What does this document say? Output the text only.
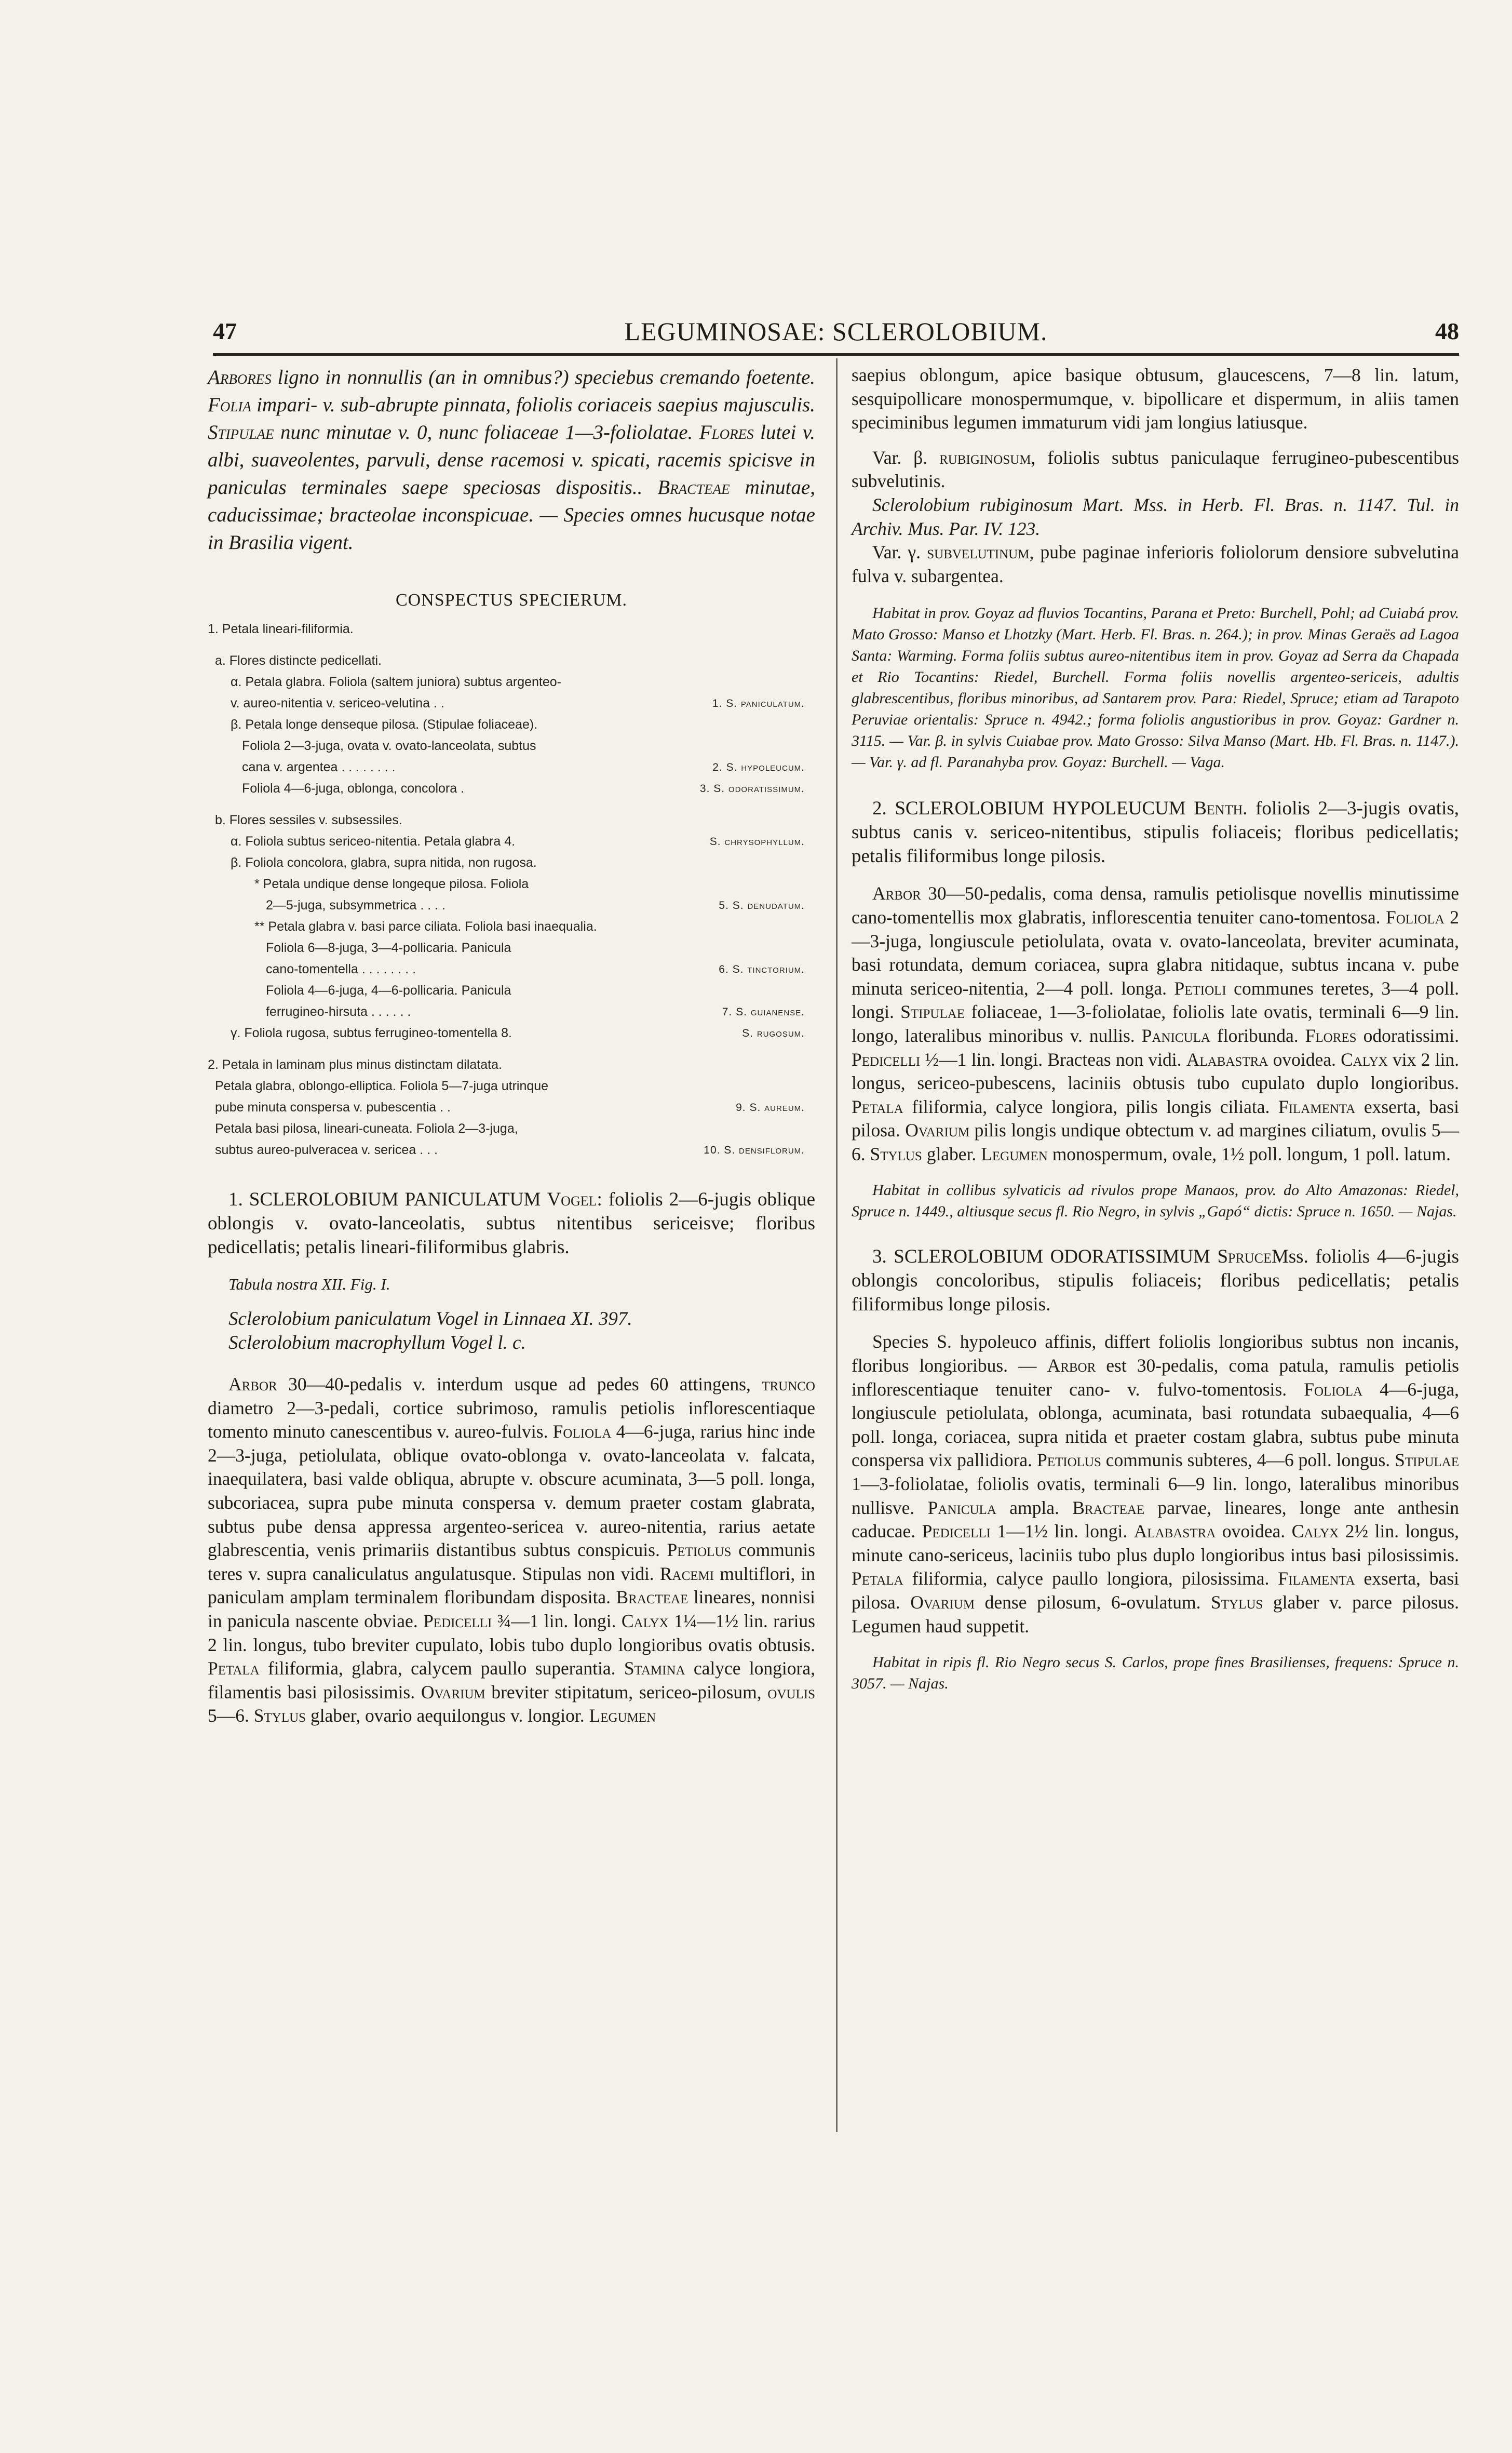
47	LEGUMINOSAE: SCLEROLOBIUM.	48

Arbores ligno in nonnullis (an in omnibus?) speciebus cremando foetente. Folia impari- v. sub-abrupte pinnata, foliolis coriaceis saepius majusculis. Stipulae nunc minutae v. 0, nunc foliaceae 1—3-foliolatae. Flores lutei v. albi, suaveolentes, parvuli, dense racemosi v. spicati, racemis spicisve in paniculas terminales saepe speciosas dispositis.. Bracteae minutae, caducissimae; bracteolae inconspicuae. — Species omnes hucusque notae in Brasilia vigent.

CONSPECTUS SPECIERUM.
1. Petala lineari-filiformia.
a. Flores distincte pedicellati.
α. Petala glabra. Foliola (saltem juniora) subtus argenteo-
v. aureo-nitentia v. sericeo-velutina . .	1. S. paniculatum.
β. Petala longe denseque pilosa. (Stipulae foliaceae).
Foliola 2—3-juga, ovata v. ovato-lanceolata, subtus
cana v. argentea . . . . . . . .	2. S. hypoleucum.
Foliola 4—6-juga, oblonga, concolora .	3. S. odoratissimum.
b. Flores sessiles v. subsessiles.
α. Foliola subtus sericeo-nitentia. Petala glabra 4.	S. chrysophyllum.
β. Foliola concolora, glabra, supra nitida, non rugosa.
* Petala undique dense longeque pilosa. Foliola
2—5-juga, subsymmetrica . . . .	5. S. denudatum.
** Petala glabra v. basi parce ciliata. Foliola basi inaequalia.
Foliola 6—8-juga, 3—4-pollicaria. Panicula
cano-tomentella . . . . . . . .	6. S. tinctorium.
Foliola 4—6-juga, 4—6-pollicaria. Panicula
ferrugineo-hirsuta . . . . . .	7. S. guianense.
γ. Foliola rugosa, subtus ferrugineo-tomentella 8.	S. rugosum.
2. Petala in laminam plus minus distinctam dilatata.
Petala glabra, oblongo-elliptica. Foliola 5—7-juga utrinque
pube minuta conspersa v. pubescentia . .	9. S. aureum.
Petala basi pilosa, lineari-cuneata. Foliola 2—3-juga,
subtus aureo-pulveracea v. sericea . . .	10. S. densiflorum.

1. SCLEROLOBIUM PANICULATUM Vogel: foliolis 2—6-jugis oblique oblongis v. ovato-lanceolatis, subtus nitentibus sericeisve; floribus pedicellatis; petalis lineari-filiformibus glabris.

Tabula nostra XII. Fig. I.

Sclerolobium paniculatum Vogel in Linnaea XI. 397.

Sclerolobium macrophyllum Vogel l. c.

Arbor 30—40-pedalis v. interdum usque ad pedes 60 attingens, trunco diametro 2—3-pedali, cortice subrimoso, ramulis petiolis inflorescentiaque tomento minuto canescentibus v. aureo-fulvis. Foliola 4—6-juga, rarius hinc inde 2—3-juga, petiolulata, oblique ovato-oblonga v. ovato-lanceolata v. falcata, inaequilatera, basi valde obliqua, abrupte v. obscure acuminata, 3—5 poll. longa, subcoriacea, supra pube minuta conspersa v. demum praeter costam glabrata, subtus pube densa appressa argenteo-sericea v. aureo-nitentia, rarius aetate glabrescentia, venis primariis distantibus subtus conspicuis. Petiolus communis teres v. supra canaliculatus angulatusque. Stipulas non vidi. Racemi multiflori, in paniculam amplam terminalem floribundam disposita. Bracteae lineares, nonnisi in panicula nascente obviae. Pedicelli ¾—1 lin. longi. Calyx 1¼—1½ lin. rarius 2 lin. longus, tubo breviter cupulato, lobis tubo duplo longioribus ovatis obtusis. Petala filiformia, glabra, calycem paullo superantia. Stamina calyce longiora, filamentis basi pilosissimis. Ovarium breviter stipitatum, sericeo-pilosum, ovulis 5—6. Stylus glaber, ovario aequilongus v. longior. Legumen

saepius oblongum, apice basique obtusum, glaucescens, 7—8 lin. latum, sesquipollicare monospermumque, v. bipollicare et dispermum, in aliis tamen speciminibus legumen immaturum vidi jam longius latiusque.

Var. β. rubiginosum, foliolis subtus paniculaque ferrugineo-pubescentibus subvelutinis.

Sclerolobium rubiginosum Mart. Mss. in Herb. Fl. Bras. n. 1147. Tul. in Archiv. Mus. Par. IV. 123.

Var. γ. subvelutinum, pube paginae inferioris foliolorum densiore subvelutina fulva v. subargentea.

Habitat in prov. Goyaz ad fluvios Tocantins, Parana et Preto: Burchell, Pohl; ad Cuiabá prov. Mato Grosso: Manso et Lhotzky (Mart. Herb. Fl. Bras. n. 264.); in prov. Minas Geraës ad Lagoa Santa: Warming. Forma foliis subtus aureo-nitentibus item in prov. Goyaz ad Serra da Chapada et Rio Tocantins: Riedel, Burchell. Forma foliis novellis argenteo-sericeis, adultis glabrescentibus, floribus minoribus, ad Santarem prov. Para: Riedel, Spruce; etiam ad Tarapoto Peruviae orientalis: Spruce n. 4942.; forma foliolis angustioribus in prov. Goyaz: Gardner n. 3115. — Var. β. in sylvis Cuiabae prov. Mato Grosso: Silva Manso (Mart. Hb. Fl. Bras. n. 1147.). — Var. γ. ad fl. Paranahyba prov. Goyaz: Burchell. — Vaga.

2. SCLEROLOBIUM HYPOLEUCUM Benth. foliolis 2—3-jugis ovatis, subtus canis v. sericeo-nitentibus, stipulis foliaceis; floribus pedicellatis; petalis filiformibus longe pilosis.

Arbor 30—50-pedalis, coma densa, ramulis petiolisque novellis minutissime cano-tomentellis mox glabratis, inflorescentia tenuiter cano-tomentosa. Foliola 2—3-juga, longiuscule petiolulata, ovata v. ovato-lanceolata, breviter acuminata, basi rotundata, demum coriacea, supra glabra nitidaque, subtus incana v. pube minuta sericeo-nitentia, 2—4 poll. longa. Petioli communes teretes, 3—4 poll. longi. Stipulae foliaceae, 1—3-foliolatae, foliolis late ovatis, terminali 6—9 lin. longo, lateralibus minoribus v. nullis. Panicula floribunda. Flores odoratissimi. Pedicelli ½—1 lin. longi. Bracteas non vidi. Alabastra ovoidea. Calyx vix 2 lin. longus, sericeo-pubescens, laciniis obtusis tubo cupulato duplo longioribus. Petala filiformia, calyce longiora, pilis longis ciliata. Filamenta exserta, basi pilosa. Ovarium pilis longis undique obtectum v. ad margines ciliatum, ovulis 5—6. Stylus glaber. Legumen monospermum, ovale, 1½ poll. longum, 1 poll. latum.

Habitat in collibus sylvaticis ad rivulos prope Manaos, prov. do Alto Amazonas: Riedel, Spruce n. 1449., altiusque secus fl. Rio Negro, in sylvis „Gapó“ dictis: Spruce n. 1650. — Najas.

3. SCLEROLOBIUM ODORATISSIMUM SpruceMss. foliolis 4—6-jugis oblongis concoloribus, stipulis foliaceis; floribus pedicellatis; petalis filiformibus longe pilosis.

Species S. hypoleuco affinis, differt foliolis longioribus subtus non incanis, floribus longioribus. — Arbor est 30-pedalis, coma patula, ramulis petiolis inflorescentiaque tenuiter cano- v. fulvo-tomentosis. Foliola 4—6-juga, longiuscule petiolulata, oblonga, acuminata, basi rotundata subaequalia, 4—6 poll. longa, coriacea, supra nitida et praeter costam glabra, subtus pube minuta conspersa vix pallidiora. Petiolus communis subteres, 4—6 poll. longus. Stipulae 1—3-foliolatae, foliolis ovatis, terminali 6—9 lin. longo, lateralibus minoribus nullisve. Panicula ampla. Bracteae parvae, lineares, longe ante anthesin caducae. Pedicelli 1—1½ lin. longi. Alabastra ovoidea. Calyx 2½ lin. longus, minute cano-sericeus, laciniis tubo plus duplo longioribus intus basi pilosissimis. Petala filiformia, calyce paullo longiora, pilosissima. Filamenta exserta, basi pilosa. Ovarium dense pilosum, 6-ovulatum. Stylus glaber v. parce pilosus. Legumen haud suppetit.

Habitat in ripis fl. Rio Negro secus S. Carlos, prope fines Brasilienses, frequens: Spruce n. 3057. — Najas.
